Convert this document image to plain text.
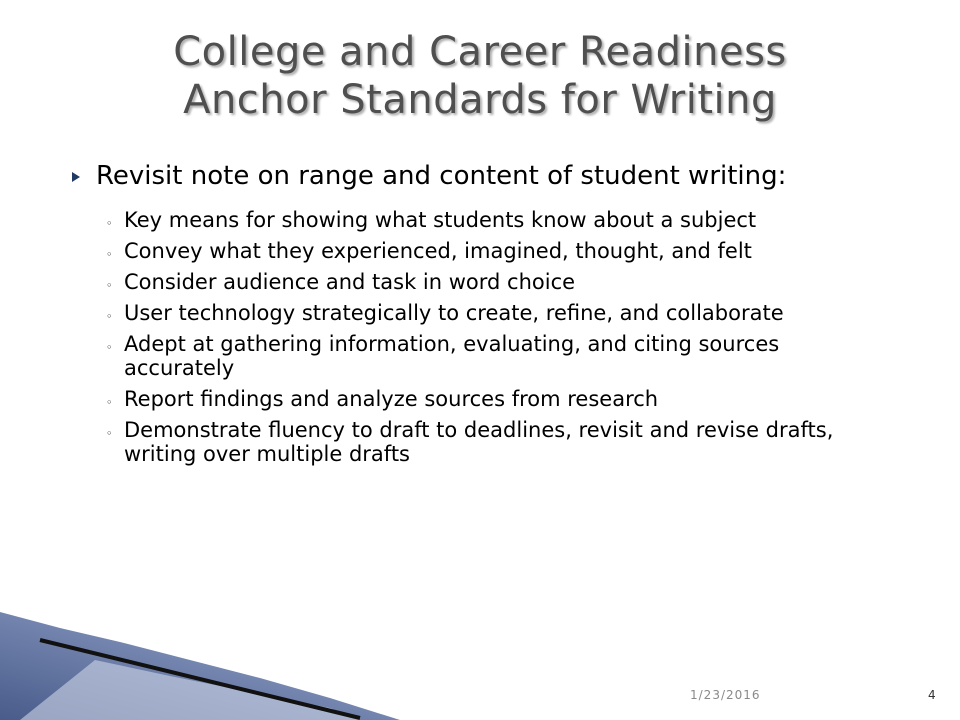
College and Career Readiness
Anchor Standards for Writing
Revisit note on range and content of student writing:
◦ Key means for showing what students know about a subject
◦ Convey what they experienced, imagined, thought, and felt
◦ Consider audience and task in word choice
◦ User technology strategically to create, refine, and collaborate
◦ Adept at gathering information, evaluating, and citing sources accurately
◦ Report findings and analyze sources from research
◦ Demonstrate fluency to draft to deadlines, revisit and revise drafts, writing over multiple drafts
1/23/2016	4
